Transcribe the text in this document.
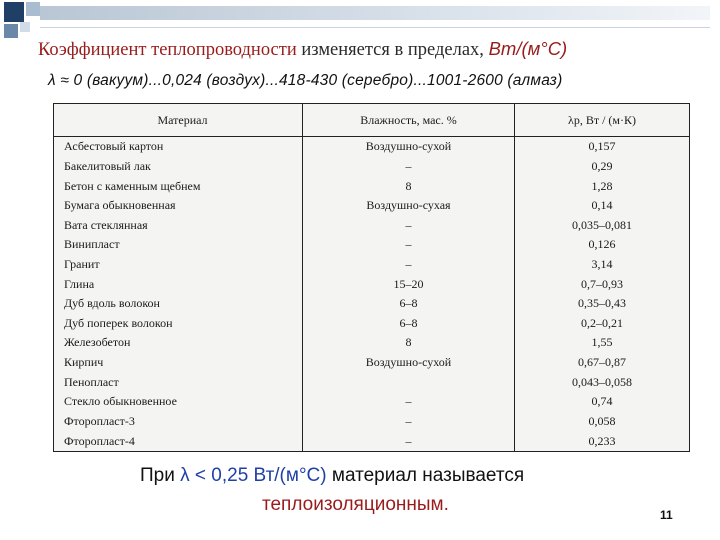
Коэффициент теплопроводности изменяется в пределах, Вт/(м°С)
λ ≈ 0 (вакуум)...0,024 (воздух)...418-430 (серебро)...1001-2600 (алмаз)
Материал	Влажность, мас. %	λр, Вт / (м·К)
Асбестовый картон	Воздушно-сухой	0,157
Бакелитовый лак	–	0,29
Бетон с каменным щебнем	8	1,28
Бумага обыкновенная	Воздушно-сухая	0,14
Вата стеклянная	–	0,035–0,081
Винипласт	–	0,126
Гранит	–	3,14
Глина	15–20	0,7–0,93
Дуб вдоль волокон	6–8	0,35–0,43
Дуб поперек волокон	6–8	0,2–0,21
Железобетон	8	1,55
Кирпич	Воздушно-сухой	0,67–0,87
Пенопласт		0,043–0,058
Стекло обыкновенное	–	0,74
Фторопласт-3	–	0,058
Фторопласт-4	–	0,233
При λ < 0,25 Вт/(м°С) материал называется
теплоизоляционным.	11
